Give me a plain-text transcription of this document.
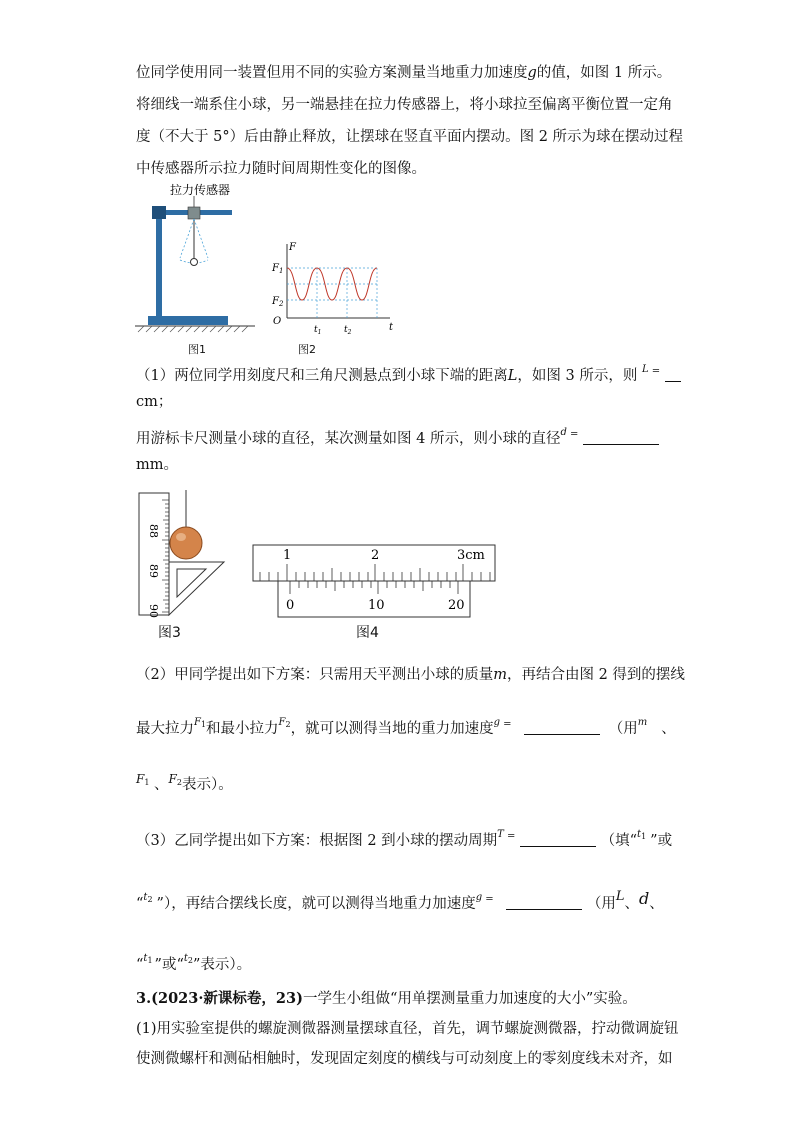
位同学使用同一装置但用不同的实验方案测量当地重力加速度g的值，如图 1 所示。
将细线一端系住小球，另一端悬挂在拉力传感器上，将小球拉至偏离平衡位置一定角
度（不大于 5°）后由静止释放，让摆球在竖直平面内摆动。图 2 所示为球在摆动过程
中传感器所示拉力随时间周期性变化的图像。
拉力传感器
图1
F
$F_1$
$F_2$
O
t
$t_1$	$t_2$
图2
（1）两位同学用刻度尺和三角尺测悬点到小球下端的距离L，如图 3 所示，则 $^L$ =
cm；
用游标卡尺测量小球的直径，某次测量如图 4 所示，则小球的直径$^d$ =
mm。
88
89
90
图3
1	2	3cm
0	10	20
图4
（2）甲同学提出如下方案：只需用天平测出小球的质量m，再结合由图 2 得到的摆线
最大拉力$^{F1}$和最小拉力$^{F2}$，就可以测得当地的重力加速度$^g$ =	（用$^m$ 、
$^{F1}$ 、$^{F2}$表示）。
（3）乙同学提出如下方案：根据图 2 到小球的摆动周期$^T$ =	（填“$^{t1}$ ”或
“$^{t2}$ ”），再结合摆线长度，就可以测得当地重力加速度$^g$ =	（用L、d、
“$^{t1}$ ”或“$^{t2}$”表示）。
3.(2023·新课标卷，23)一学生小组做“用单摆测量重力加速度的大小”实验。
(1)用实验室提供的螺旋测微器测量摆球直径，首先，调节螺旋测微器，拧动微调旋钮
使测微螺杆和测砧相触时，发现固定刻度的横线与可动刻度上的零刻度线未对齐，如
